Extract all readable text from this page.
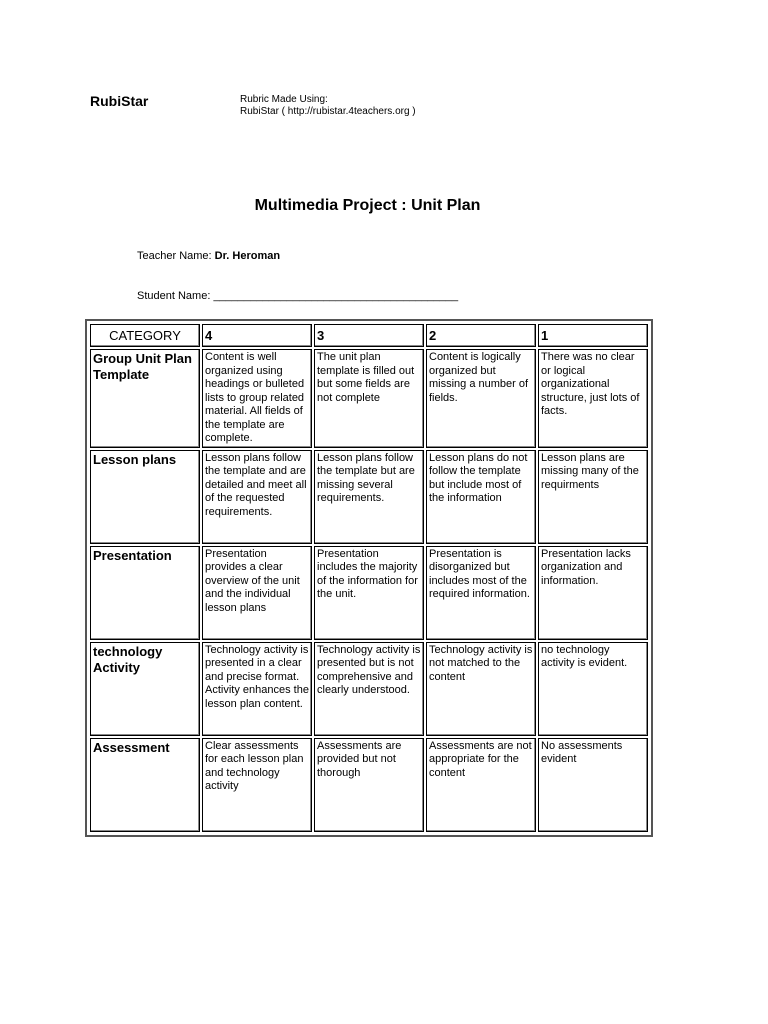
RubiStar	Rubric Made Using:
RubiStar ( http://rubistar.4teachers.org )
Multimedia Project : Unit Plan
Teacher Name: Dr. Heroman
Student Name: ________________________________________
CATEGORY	4	3	2	1
Group Unit Plan Template	Content is well organized using headings or bulleted lists to group related material. All fields of the template are complete.	The unit plan template is filled out but some fields are not complete	Content is logically organized but missing a number of fields.	There was no clear or logical organizational structure, just lots of facts.
Lesson plans	Lesson plans follow the template and are detailed and meet all of the requested requirements.	Lesson plans follow the template but are missing several requirements.	Lesson plans do not follow the template but include most of the information	Lesson plans are missing many of the requirments
Presentation	Presentation provides a clear overview of the unit and the individual lesson plans	Presentation includes the majority of the information for the unit.	Presentation is disorganized but includes most of the required information.	Presentation lacks organization and information.
technology Activity	Technology activity is presented in a clear and precise format. Activity enhances the lesson plan content.	Technology activity is presented but is not comprehensive and clearly understood.	Technology activity is not matched to the content	no technology activity is evident.
Assessment	Clear assessments for each lesson plan and technology activity	Assessments are provided but not thorough	Assessments are not appropriate for the content	No assessments evident
